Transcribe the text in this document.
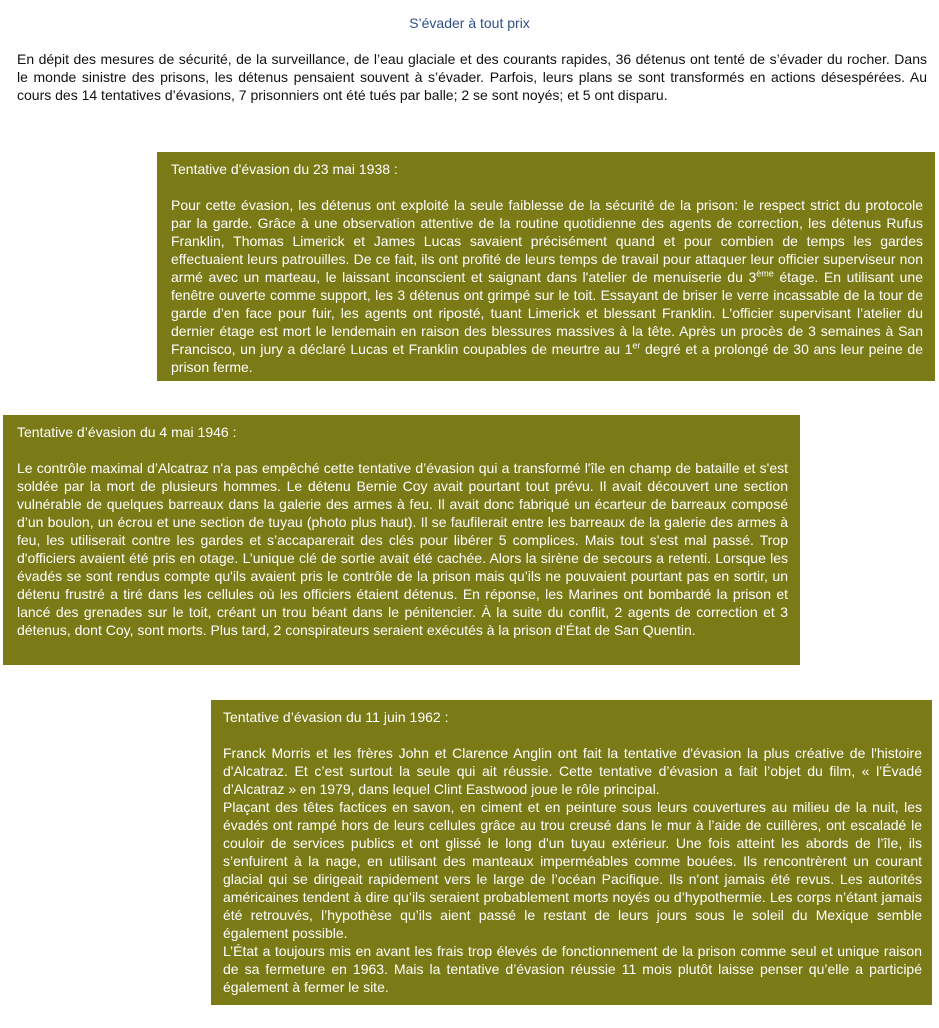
S’évader à tout prix

En dépit des mesures de sécurité, de la surveillance, de l’eau glaciale et des courants rapides, 36 détenus ont tenté de s’évader du rocher. Dans le monde sinistre des prisons, les détenus pensaient souvent à s’évader. Parfois, leurs plans se sont transformés en actions désespérées. Au cours des 14 tentatives d’évasions, 7 prisonniers ont été tués par balle; 2 se sont noyés; et 5 ont disparu.

Tentative d'évasion du 23 mai 1938 :

Pour cette évasion, les détenus ont exploité la seule faiblesse de la sécurité de la prison: le respect strict du protocole par la garde. Grâce à une observation attentive de la routine quotidienne des agents de correction, les détenus Rufus Franklin, Thomas Limerick et James Lucas savaient précisément quand et pour combien de temps les gardes effectuaient leurs patrouilles. De ce fait, ils ont profité de leurs temps de travail pour attaquer leur officier superviseur non armé avec un marteau, le laissant inconscient et saignant dans l'atelier de menuiserie du 3ème étage. En utilisant une fenêtre ouverte comme support, les 3 détenus ont grimpé sur le toit. Essayant de briser le verre incassable de la tour de garde d’en face pour fuir, les agents ont riposté, tuant Limerick et blessant Franklin. L'officier supervisant l’atelier du dernier étage est mort le lendemain en raison des blessures massives à la tête. Après un procès de 3 semaines à San Francisco, un jury a déclaré Lucas et Franklin coupables de meurtre au 1er degré et a prolongé de 30 ans leur peine de prison ferme.

Tentative d’évasion du 4 mai 1946 :

Le contrôle maximal d’Alcatraz n'a pas empêché cette tentative d’évasion qui a transformé l'île en champ de bataille et s'est soldée par la mort de plusieurs hommes. Le détenu Bernie Coy avait pourtant tout prévu. Il avait découvert une section vulnérable de quelques barreaux dans la galerie des armes à feu. Il avait donc fabriqué un écarteur de barreaux composé d’un boulon, un écrou et une section de tuyau (photo plus haut). Il se faufilerait entre les barreaux de la galerie des armes à feu, les utiliserait contre les gardes et s’accaparerait des clés pour libérer 5 complices. Mais tout s'est mal passé. Trop d'officiers avaient été pris en otage. L’unique clé de sortie avait été cachée. Alors la sirène de secours a retenti. Lorsque les évadés se sont rendus compte qu'ils avaient pris le contrôle de la prison mais qu’ils ne pouvaient pourtant pas en sortir, un détenu frustré a tiré dans les cellules où les officiers étaient détenus. En réponse, les Marines ont bombardé la prison et lancé des grenades sur le toit, créant un trou béant dans le pénitencier. À la suite du conflit, 2 agents de correction et 3 détenus, dont Coy, sont morts. Plus tard, 2 conspirateurs seraient exécutés à la prison d'État de San Quentin.

Tentative d’évasion du 11 juin 1962 :

Franck Morris et les frères John et Clarence Anglin ont fait la tentative d'évasion la plus créative de l'histoire d'Alcatraz. Et c’est surtout la seule qui ait réussie. Cette tentative d’évasion a fait l’objet du film, « l’Évadé d’Alcatraz » en 1979, dans lequel Clint Eastwood joue le rôle principal.

Plaçant des têtes factices en savon, en ciment et en peinture sous leurs couvertures au milieu de la nuit, les évadés ont rampé hors de leurs cellules grâce au trou creusé dans le mur à l’aide de cuillères, ont escaladé le couloir de services publics et ont glissé le long d'un tuyau extérieur. Une fois atteint les abords de l’île, ils s’enfuirent à la nage, en utilisant des manteaux imperméables comme bouées. Ils rencontrèrent un courant glacial qui se dirigeait rapidement vers le large de l’océan Pacifique. Ils n'ont jamais été revus. Les autorités américaines tendent à dire qu’ils seraient probablement morts noyés ou d’hypothermie. Les corps n’étant jamais été retrouvés, l’hypothèse qu’ils aient passé le restant de leurs jours sous le soleil du Mexique semble également possible.

L’État a toujours mis en avant les frais trop élevés de fonctionnement de la prison comme seul et unique raison de sa fermeture en 1963. Mais la tentative d’évasion réussie 11 mois plutôt laisse penser qu’elle a participé également à fermer le site.
